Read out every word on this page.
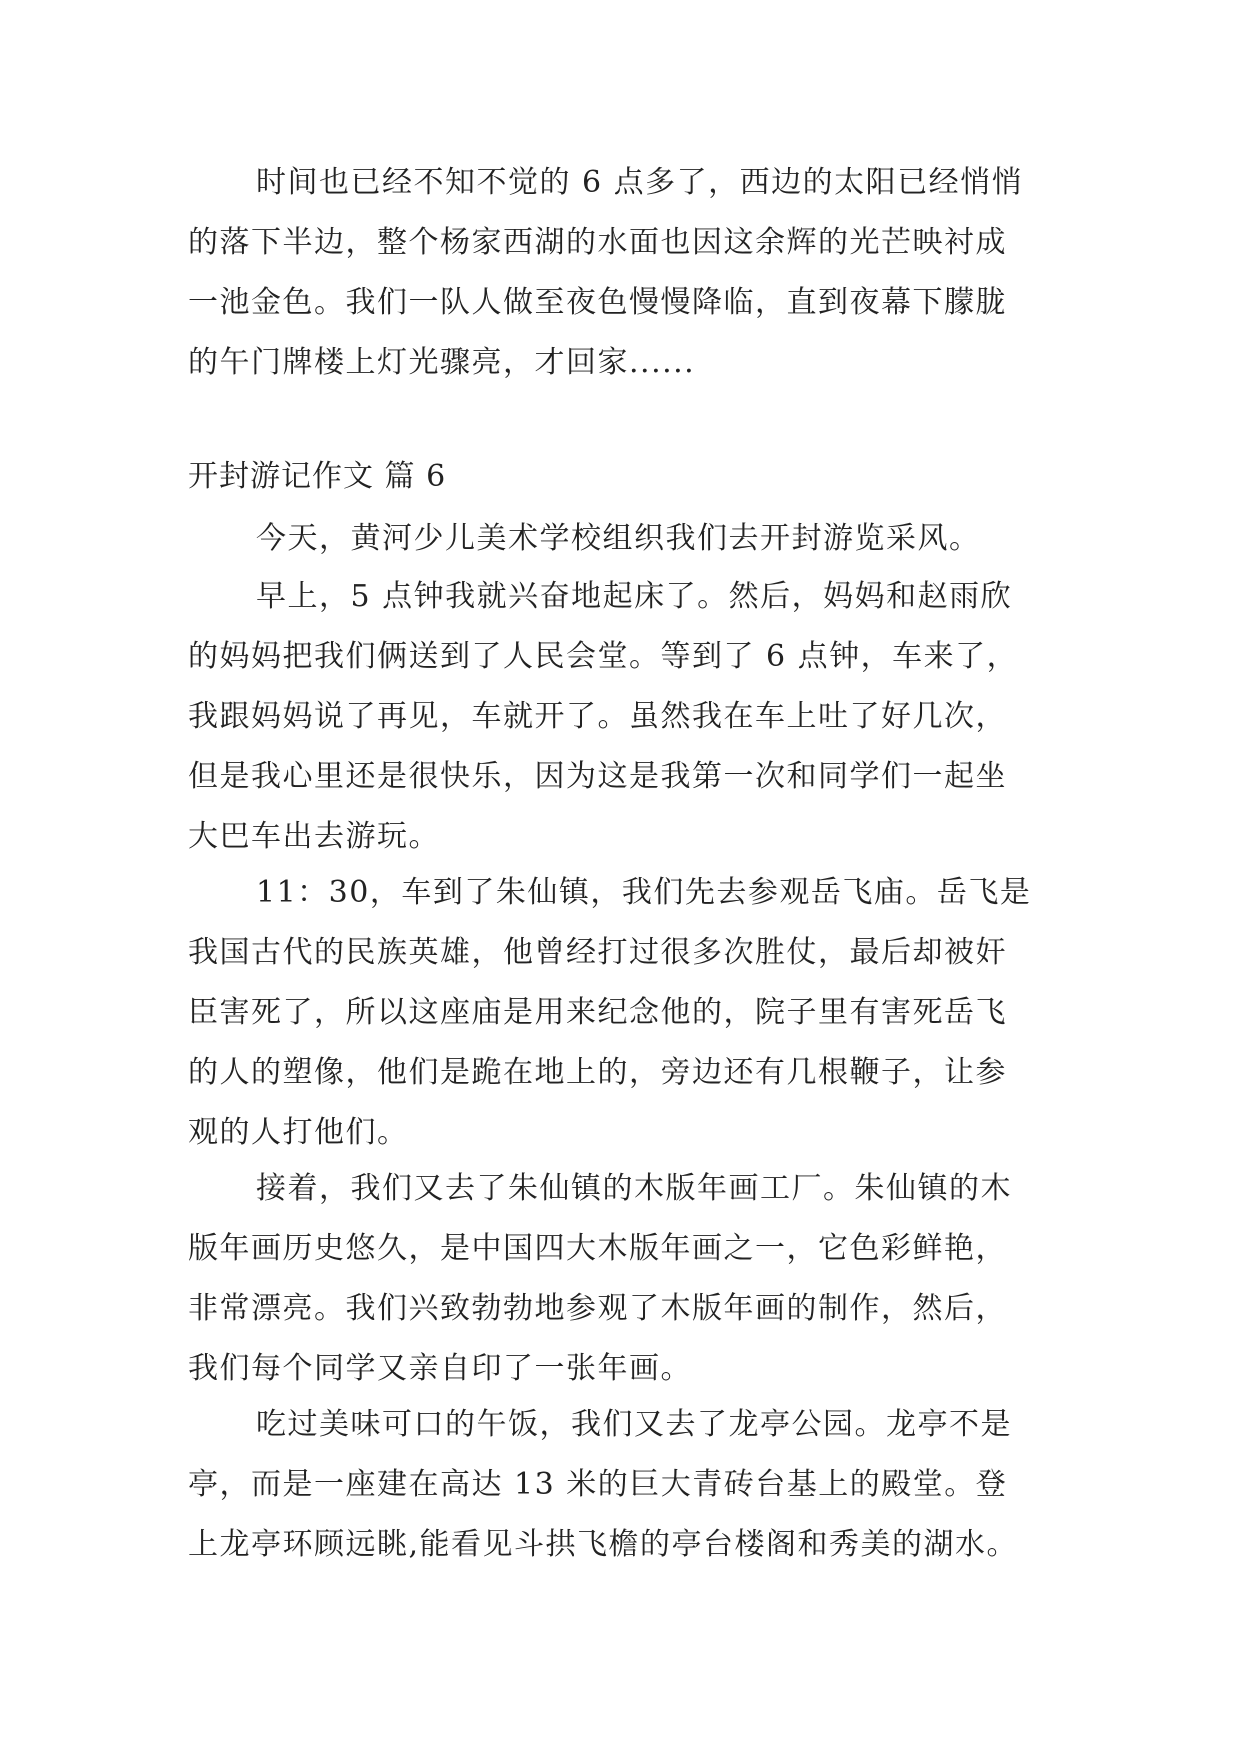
时间也已经不知不觉的 6 点多了，西边的太阳已经悄悄
的落下半边，整个杨家西湖的水面也因这余辉的光芒映衬成
一池金色。我们一队人做至夜色慢慢降临，直到夜幕下朦胧
的午门牌楼上灯光骤亮，才回家......
开封游记作文 篇 6
今天，黄河少儿美术学校组织我们去开封游览采风。
早上，5 点钟我就兴奋地起床了。然后，妈妈和赵雨欣
的妈妈把我们俩送到了人民会堂。等到了 6 点钟，车来了，
我跟妈妈说了再见，车就开了。虽然我在车上吐了好几次，
但是我心里还是很快乐，因为这是我第一次和同学们一起坐
大巴车出去游玩。
11：30，车到了朱仙镇，我们先去参观岳飞庙。岳飞是
我国古代的民族英雄，他曾经打过很多次胜仗，最后却被奸
臣害死了，所以这座庙是用来纪念他的，院子里有害死岳飞
的人的塑像，他们是跪在地上的，旁边还有几根鞭子，让参
观的人打他们。
接着，我们又去了朱仙镇的木版年画工厂。朱仙镇的木
版年画历史悠久，是中国四大木版年画之一，它色彩鲜艳，
非常漂亮。我们兴致勃勃地参观了木版年画的制作，然后，
我们每个同学又亲自印了一张年画。
吃过美味可口的午饭，我们又去了龙亭公园。龙亭不是
亭，而是一座建在高达 13 米的巨大青砖台基上的殿堂。登
上龙亭环顾远眺,能看见斗拱飞檐的亭台楼阁和秀美的湖水。
